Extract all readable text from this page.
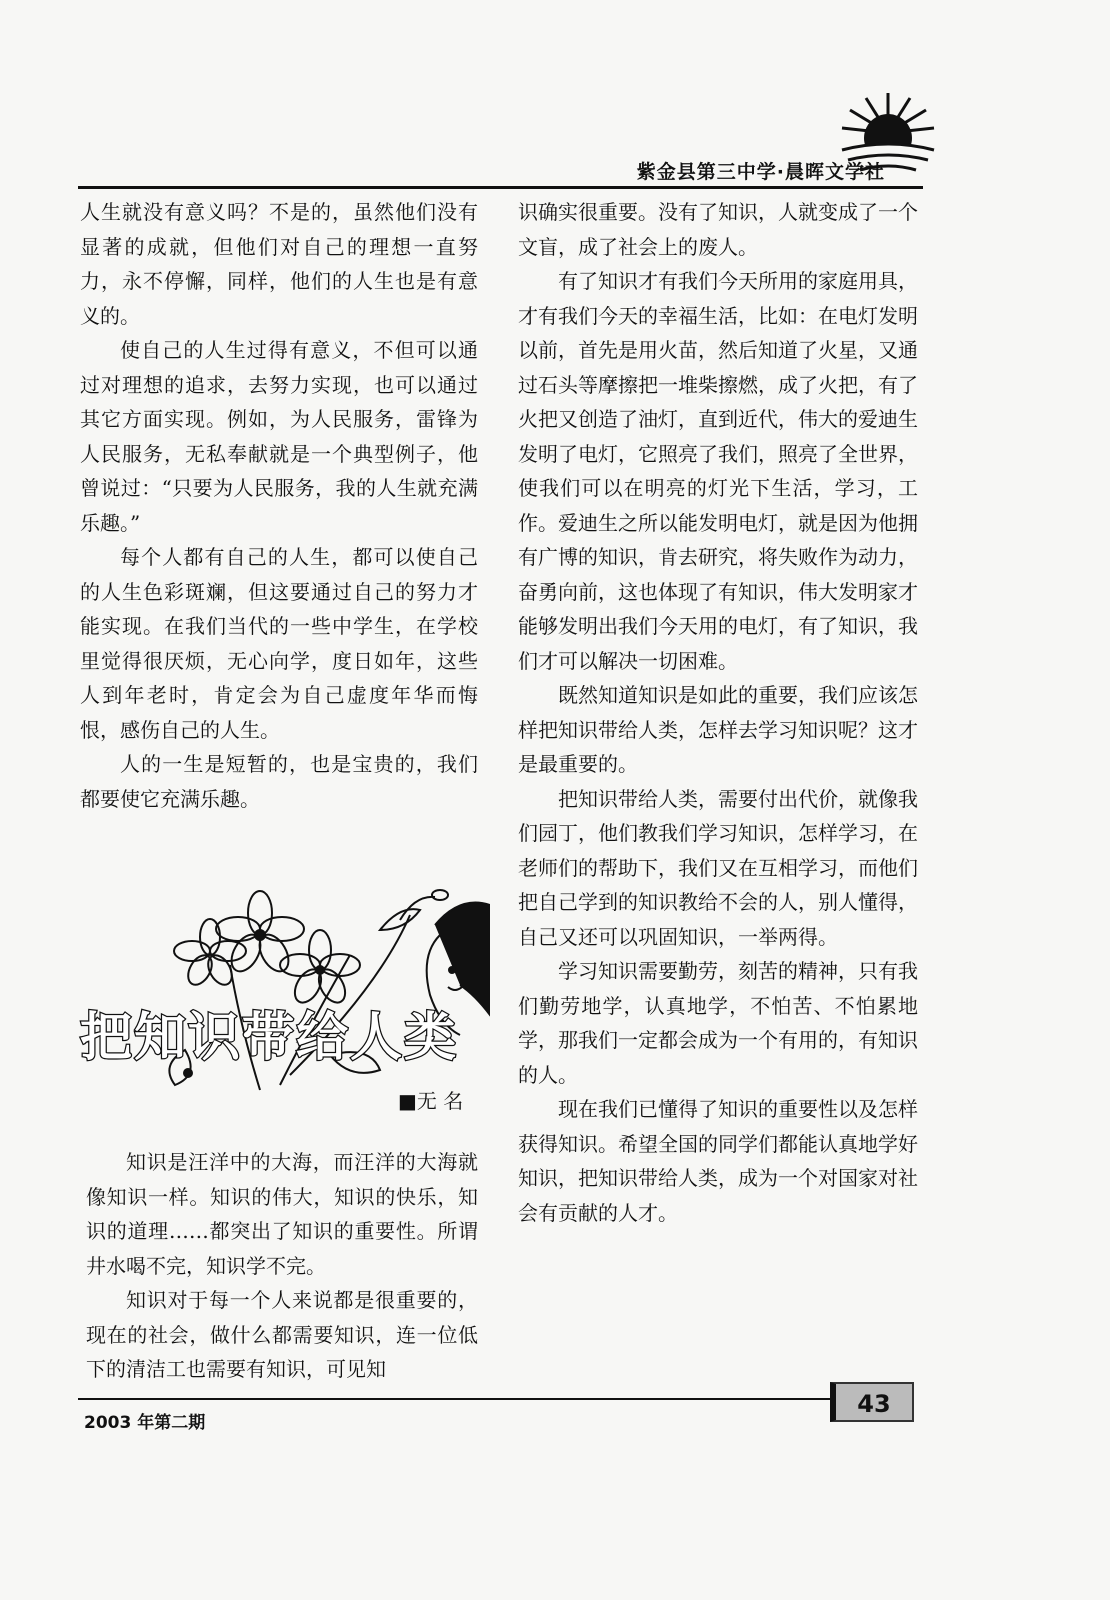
紫金县第三中学·晨晖文学社

人生就没有意义吗？不是的，虽然他们没有显著的成就，但他们对自己的理想一直努力，永不停懈，同样，他们的人生也是有意义的。

使自己的人生过得有意义，不但可以通过对理想的追求，去努力实现，也可以通过其它方面实现。例如，为人民服务，雷锋为人民服务，无私奉献就是一个典型例子，他曾说过：“只要为人民服务，我的人生就充满乐趣。”

每个人都有自己的人生，都可以使自己的人生色彩斑斓，但这要通过自己的努力才能实现。在我们当代的一些中学生，在学校里觉得很厌烦，无心向学，度日如年，这些人到年老时，肯定会为自己虚度年华而悔恨，感伤自己的人生。

人的一生是短暂的，也是宝贵的，我们都要使它充满乐趣。

把知识带给人类
■无 名

知识是汪洋中的大海，而汪洋的大海就像知识一样。知识的伟大，知识的快乐，知识的道理……都突出了知识的重要性。所谓井水喝不完，知识学不完。

知识对于每一个人来说都是很重要的，现在的社会，做什么都需要知识，连一位低下的清洁工也需要有知识，可见知

识确实很重要。没有了知识，人就变成了一个文盲，成了社会上的废人。

有了知识才有我们今天所用的家庭用具，才有我们今天的幸福生活，比如：在电灯发明以前，首先是用火苗，然后知道了火星，又通过石头等摩擦把一堆柴擦燃，成了火把，有了火把又创造了油灯，直到近代，伟大的爱迪生发明了电灯，它照亮了我们，照亮了全世界，使我们可以在明亮的灯光下生活，学习，工作。爱迪生之所以能发明电灯，就是因为他拥有广博的知识，肯去研究，将失败作为动力，奋勇向前，这也体现了有知识，伟大发明家才能够发明出我们今天用的电灯，有了知识，我们才可以解决一切困难。

既然知道知识是如此的重要，我们应该怎样把知识带给人类，怎样去学习知识呢？这才是最重要的。

把知识带给人类，需要付出代价，就像我们园丁，他们教我们学习知识，怎样学习，在老师们的帮助下，我们又在互相学习，而他们把自己学到的知识教给不会的人，别人懂得，自己又还可以巩固知识，一举两得。

学习知识需要勤劳，刻苦的精神，只有我们勤劳地学，认真地学，不怕苦、不怕累地学，那我们一定都会成为一个有用的，有知识的人。

现在我们已懂得了知识的重要性以及怎样获得知识。希望全国的同学们都能认真地学好知识，把知识带给人类，成为一个对国家对社会有贡献的人才。

2003 年第二期
43
